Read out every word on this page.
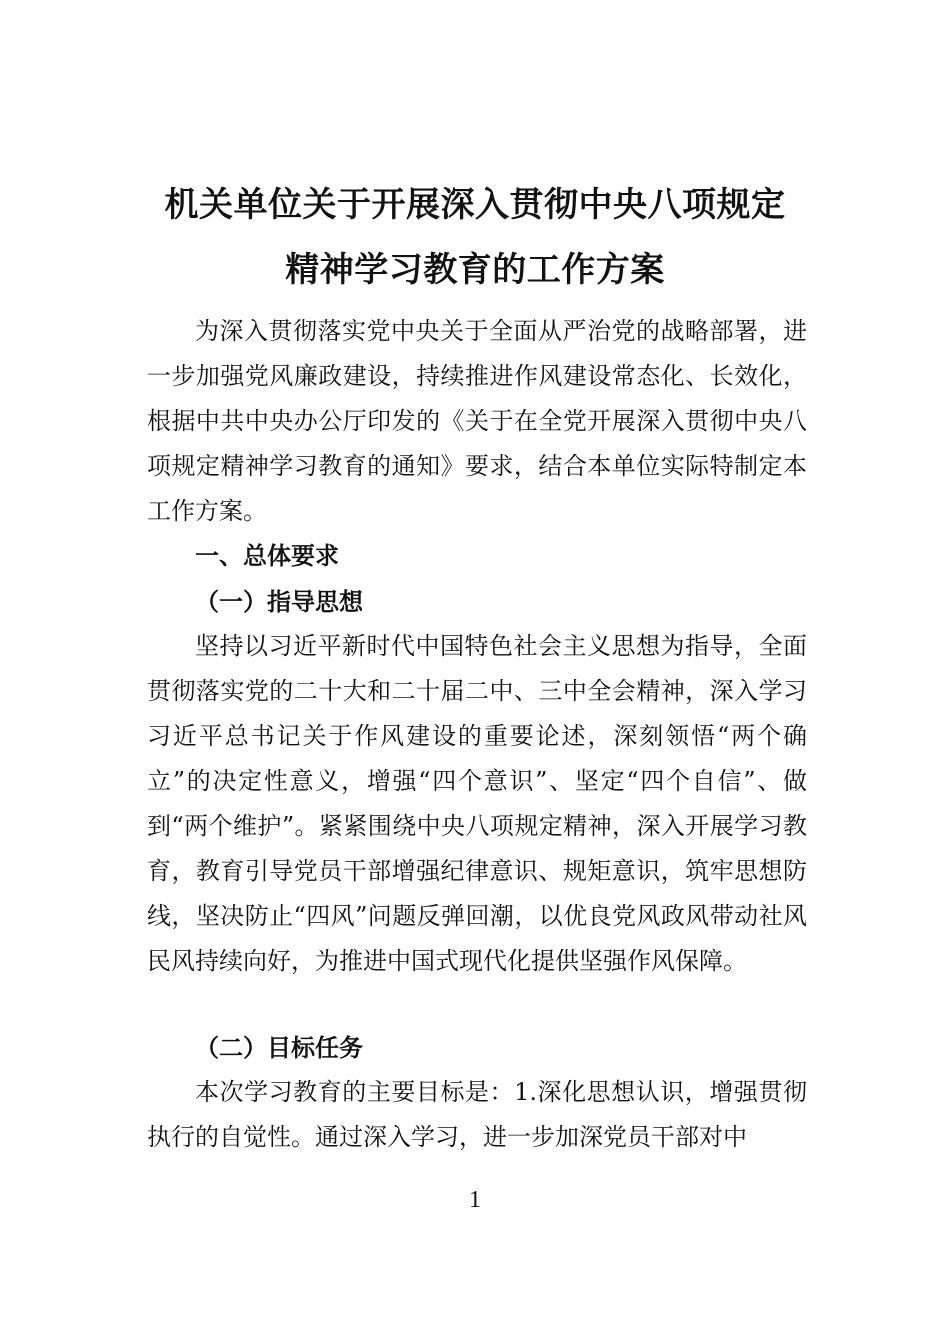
机关单位关于开展深入贯彻中央八项规定
精神学习教育的工作方案

为深入贯彻落实党中央关于全面从严治党的战略部署，进一步加强党风廉政建设，持续推进作风建设常态化、长效化，根据中共中央办公厅印发的《关于在全党开展深入贯彻中央八项规定精神学习教育的通知》要求，结合本单位实际特制定本工作方案。

一、总体要求
（一）指导思想

坚持以习近平新时代中国特色社会主义思想为指导，全面贯彻落实党的二十大和二十届二中、三中全会精神，深入学习习近平总书记关于作风建设的重要论述，深刻领悟“两个确立”的决定性意义，增强“四个意识”、坚定“四个自信”、做到“两个维护”。紧紧围绕中央八项规定精神，深入开展学习教育，教育引导党员干部增强纪律意识、规矩意识，筑牢思想防线，坚决防止“四风”问题反弹回潮，以优良党风政风带动社风民风持续向好，为推进中国式现代化提供坚强作风保障。

（二）目标任务

本次学习教育的主要目标是：1.深化思想认识，增强贯彻执行的自觉性。通过深入学习，进一步加深党员干部对中

1
